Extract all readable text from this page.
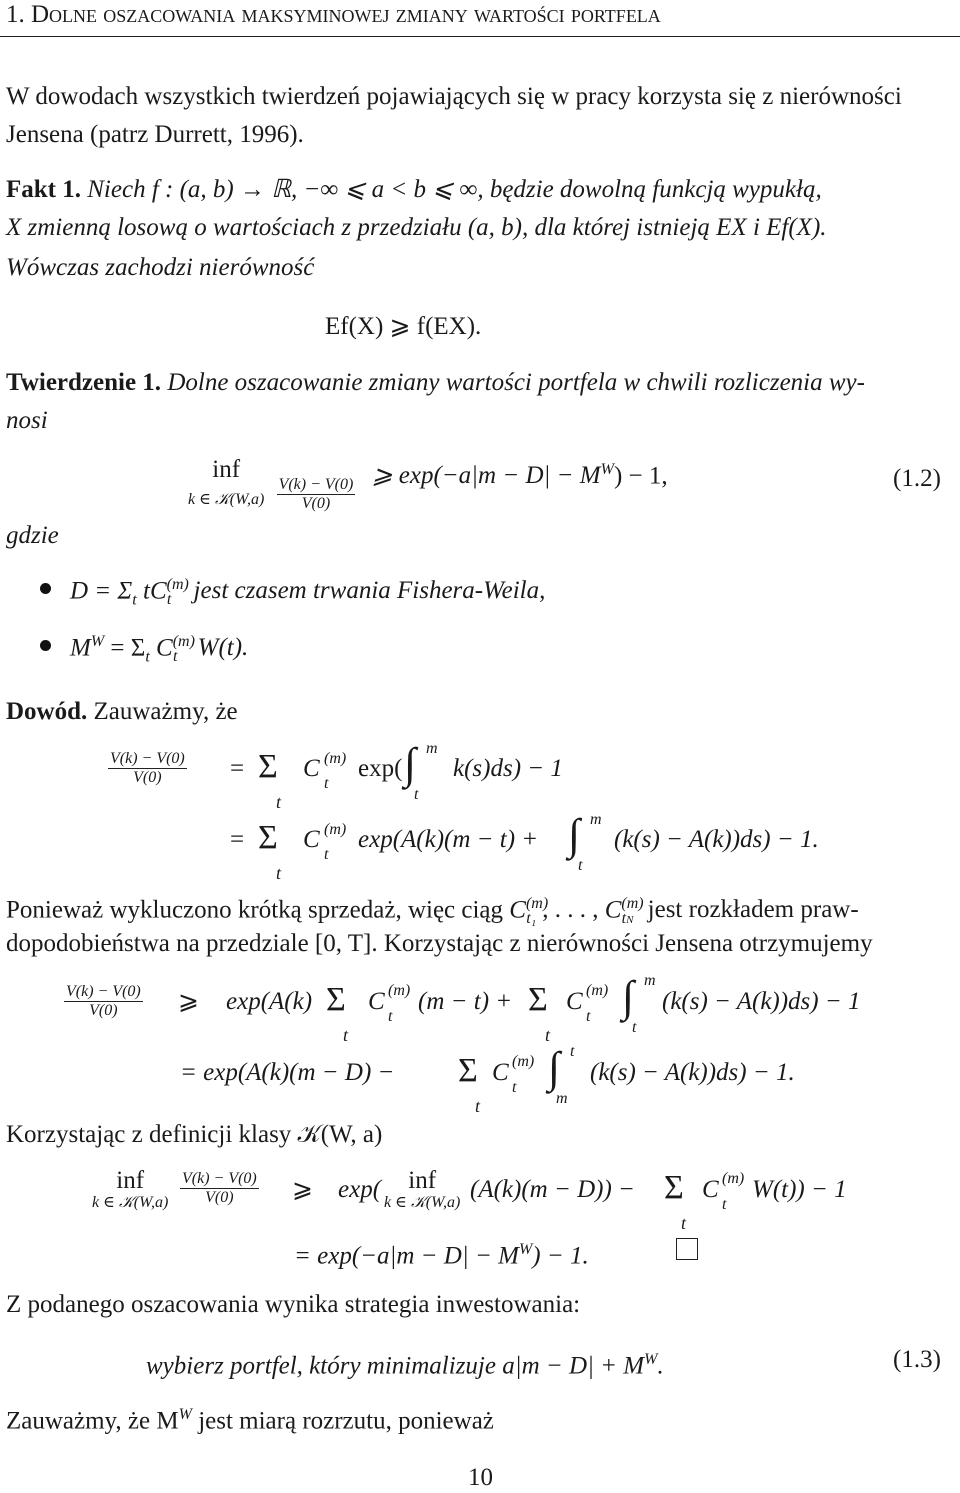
1. Dolne oszacowania maksyminowej zmiany wartości portfela
W dowodach wszystkich twierdzeń pojawiających się w pracy korzysta się z nierówności
Jensena (patrz Durrett, 1996).
Fakt 1. Niech f : (a, b) → ℝ, −∞ ⩽ a < b ⩽ ∞, będzie dowolną funkcją wypukłą,
X zmienną losową o wartościach z przedziału (a, b), dla której istnieją EX i Ef(X).
Wówczas zachodzi nierówność
Ef(X) ⩾ f(EX).
Twierdzenie 1. Dolne oszacowanie zmiany wartości portfela w chwili rozliczenia wy-
nosi
inf
k ∈ 𝒦(W,a)
$\frac{V(k) - V(0)}{V(0)}$
⩾ $\exp(-a|m - D| - M^W) - 1$,	(1.2)
gdzie
$D = \Sigma_t$ $tC^{(m)}_t$ jest czasem trwania Fishera-Weila,
$M^W = \Sigma_t$ $C^{(m)}_t$ W(t).
Dowód. Zauważmy, że
$\frac{V(k) - V(0)}{V(0)} = \Sigma$
t
C (m)
t
exp( ∫ m
t
k(s)ds) − 1
= Σ
t
C (m)
t
exp(A(k)(m − t) + ∫ m
t
(k(s) − A(k))ds) − 1.
Ponieważ wykluczono krótką sprzedaż, więc ciąg $C^{(m)}_{t_1}$ , . . . , $C^{(m)}_{tN}$ jest rozkładem praw-
dopodobieństwa na przedziale [0, T]. Korzystając z nierówności Jensena otrzymujemy
$\frac{V(k) - V(0)}{V(0)}$ ⩾ exp(A(k) Σ
t
C (m)
t
(m − t) + Σ
t
C (m)
t ∫ m
t
(k(s) − A(k))ds) − 1
= exp(A(k)(m − D) − Σ
t
C (m)
t ∫ t
m
(k(s) − A(k))ds) − 1.
Korzystając z definicji klasy 𝒦(W, a)
inf
k ∈ 𝒦(W,a) $\frac{V(k) - V(0)}{V(0)}$ ⩾ exp( inf
k ∈ 𝒦(W,a) (A(k)(m − D)) − Σ
t
C (m)
t
W(t)) − 1
= $\exp(-a|m - D| - M^W) - 1$.
Z podanego oszacowania wynika strategia inwestowania:
wybierz portfel, który minimalizuje $a|m - D| + M^W$.	(1.3)
Zauważmy, że $M^W$ jest miarą rozrzutu, ponieważ
10
